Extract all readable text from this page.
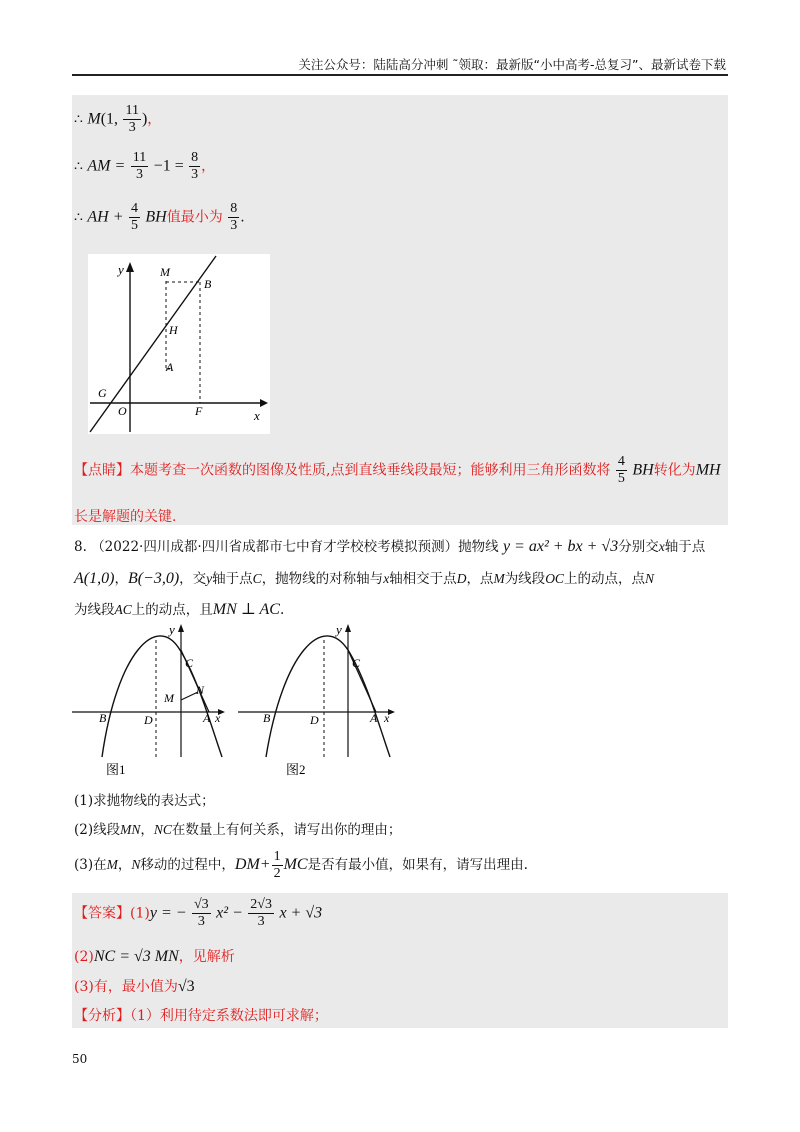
关注公众号：陆陆高分冲刺 ˜领取：最新版“小中高考-总复习”、最新试卷下载
∴ M(1, $\frac{11}{3}$ )，
∴ AM = $\frac{11}{3} -1 = \frac{8}{3}$ ，
∴ AH + $\frac{4}{5}$ BH值最小为 $\frac{8}{3}$ .
y
x
M
B
H
A
G
O	F
【点睛】本题考查一次函数的图像及性质,点到直线垂线段最短；能够利用三角形函数将 $\frac{4}{5}$ BH转化为MH
长是解题的关键.
8. （2022·四川成都·四川省成都市七中育才学校校考模拟预测）抛物线 y = ax² + bx + √3分别交x轴于点
A(1,0)，B(−3,0)，交y轴于点C，抛物线的对称轴与x轴相交于点D，点M为线段OC上的动点，点N
为线段AC上的动点，且MN ⊥ AC.
y
C
M
N
B	D	A x
图1
y
C
B	D	A x
图2
(1)求抛物线的表达式；
(2)线段MN，NC在数量上有何关系，请写出你的理由；
(3)在M，N移动的过程中，$DM+ \frac{1}{2}$ MC是否有最小值，如果有，请写出理由.
【答案】(1)y = − $\frac{√3}{3} x^2 - \frac{2√3}{3}$ x + √3
(2)NC = √3 MN，见解析
(3)有，最小值为√3
【分析】（1）利用待定系数法即可求解；
50
